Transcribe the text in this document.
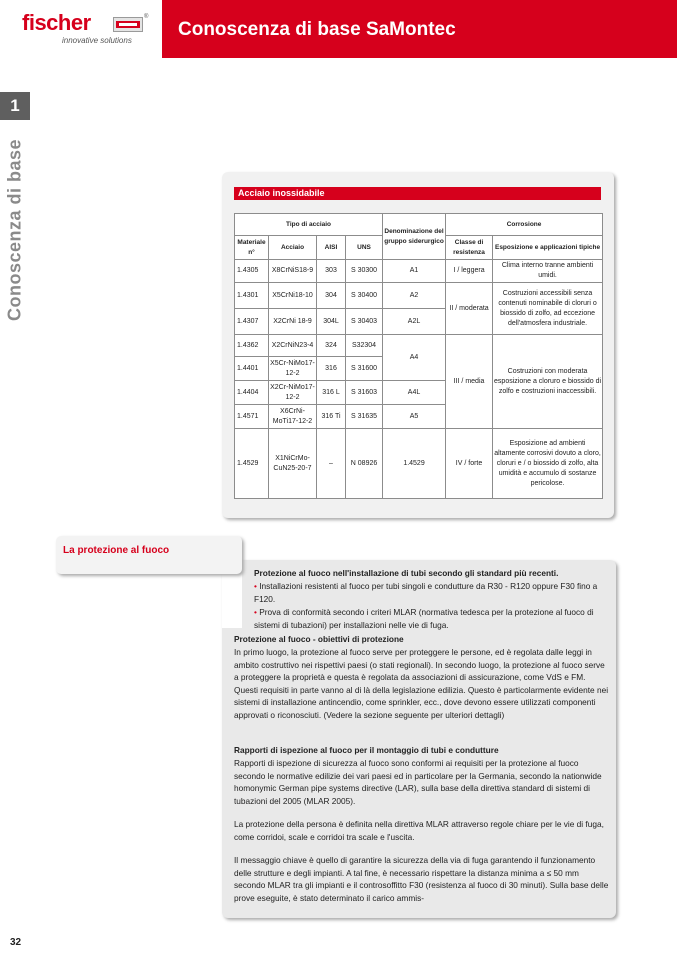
fischer	®
innovative solutions
Conoscenza di base SaMontec
1
Conoscenza di base	Acciaio inossidabile
Tipo di acciaio				Denominazione del gruppo siderurgico	Corrosione	
Materiale n°	Acciaio	AISI	UNS		Classe di resistenza	Esposizione e applicazioni tipiche
1.4305	X8CrNiS18-9	303	S 30300	A1	I / leggera	Clima interno tranne ambienti umidi.
1.4301	X5CrNi18-10	304	S 30400	A2	II / moderata	Costruzioni accessibili senza contenuti nominabile di cloruri o biossido di zolfo, ad eccezione dell'atmosfera industriale.
1.4307	X2CrNi 18-9	304L	S 30403	A2L		
1.4362	X2CrNiN23-4	324	S32304	A4	III / media	Costruzioni con moderata esposizione a cloruro e biossido di zolfo e costruzioni inaccessibili.
1.4401	X5Cr-NiMo17-12-2	316	S 31600			
1.4404	X2Cr-NiMo17-12-2	316 L	S 31603	A4L		
1.4571	X6CrNi-MoTi17-12-2	316 Ti	S 31635	A5		
1.4529	X1NiCrMo-CuN25-20-7	–	N 08926	1.4529	IV / forte	Esposizione ad ambienti altamente corrosivi dovuto a cloro, cloruri e / o biossido di zolfo, alta umidità e accumulo di sostanze pericolose.
Protezione al fuoco nell'installazione di tubi secondo gli standard più recenti.
• Installazioni resistenti al fuoco per tubi singoli e condutture da R30 - R120 oppure F30 fino a F120.
• Prova di conformità secondo i criteri MLAR (normativa tedesca per la protezione al fuoco di sistemi di tubazioni) per installazioni nelle vie di fuga.
Protezione al fuoco - obiettivi di protezione
In primo luogo, la protezione al fuoco serve per proteggere le persone, ed è regolata dalle leggi in ambito costruttivo nei rispettivi paesi (o stati regionali). In secondo luogo, la protezione al fuoco serve a proteggere la proprietà e questa è regolata da associazioni di assicurazione, come VdS e FM. Questi requisiti in parte vanno al di là della legislazione edilizia. Questo è particolarmente evidente nei sistemi di installazione antincendio, come sprinkler, ecc., dove devono essere utilizzati componenti approvati o riconosciuti. (Vedere la sezione seguente per ulteriori dettagli)
Rapporti di ispezione al fuoco per il montaggio di tubi e condutture
Rapporti di ispezione di sicurezza al fuoco sono conformi ai requisiti per la protezione al fuoco secondo le normative edilizie dei vari paesi ed in particolare per la Germania, secondo la nationwide homonymic German pipe systems directive (LAR), sulla base della direttiva standard di sistemi di tubazioni del 2005 (MLAR 2005).
La protezione della persona è definita nella direttiva MLAR attraverso regole chiare per le vie di fuga, come corridoi, scale e corridoi tra scale e l'uscita.
Il messaggio chiave è quello di garantire la sicurezza della via di fuga garantendo il funzionamento delle strutture e degli impianti. A tal fine, è necessario rispettare la distanza minima a ≤ 50 mm secondo MLAR tra gli impianti e il controsoffitto F30 (resistenza al fuoco di 30 minuti). Sulla base delle prove eseguite, è stato determinato il carico ammis-
La protezione al fuoco
32
